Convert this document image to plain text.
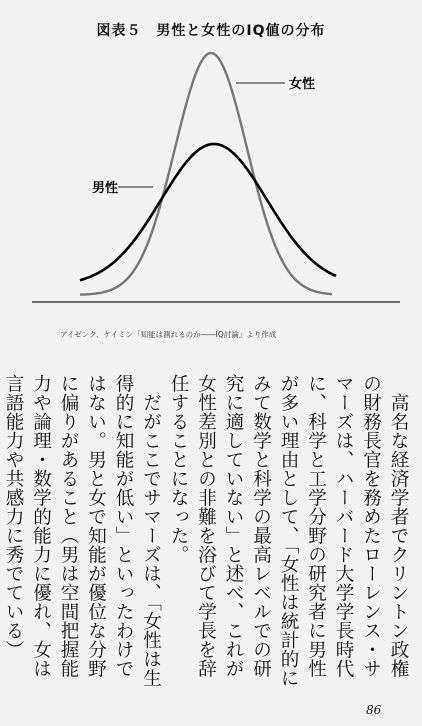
図表５　男性と女性のIQ値の分布
女性
男性
アイゼンク、ケイミン「知能は測れるのか――IQ討論」より作成

高名な経済学者でクリントン政権の財務長官を務めたローレンス・サマーズは、ハーバード大学学長時代に、科学と工学分野の研究者に男性が多い理由として、「女性は統計的にみて数学と科学の最高レベルでの研究に適していない」と述べ、これが女性差別との非難を浴びて学長を辞任することになった。

だがここでサマーズは、「女性は生得的に知能が低い」といったわけではない。男と女で知能が優位な分野に偏りがあること（男は空間把握能力や論理・数学的能力に優れ、女は言語能力や共感力に秀でている）

86
